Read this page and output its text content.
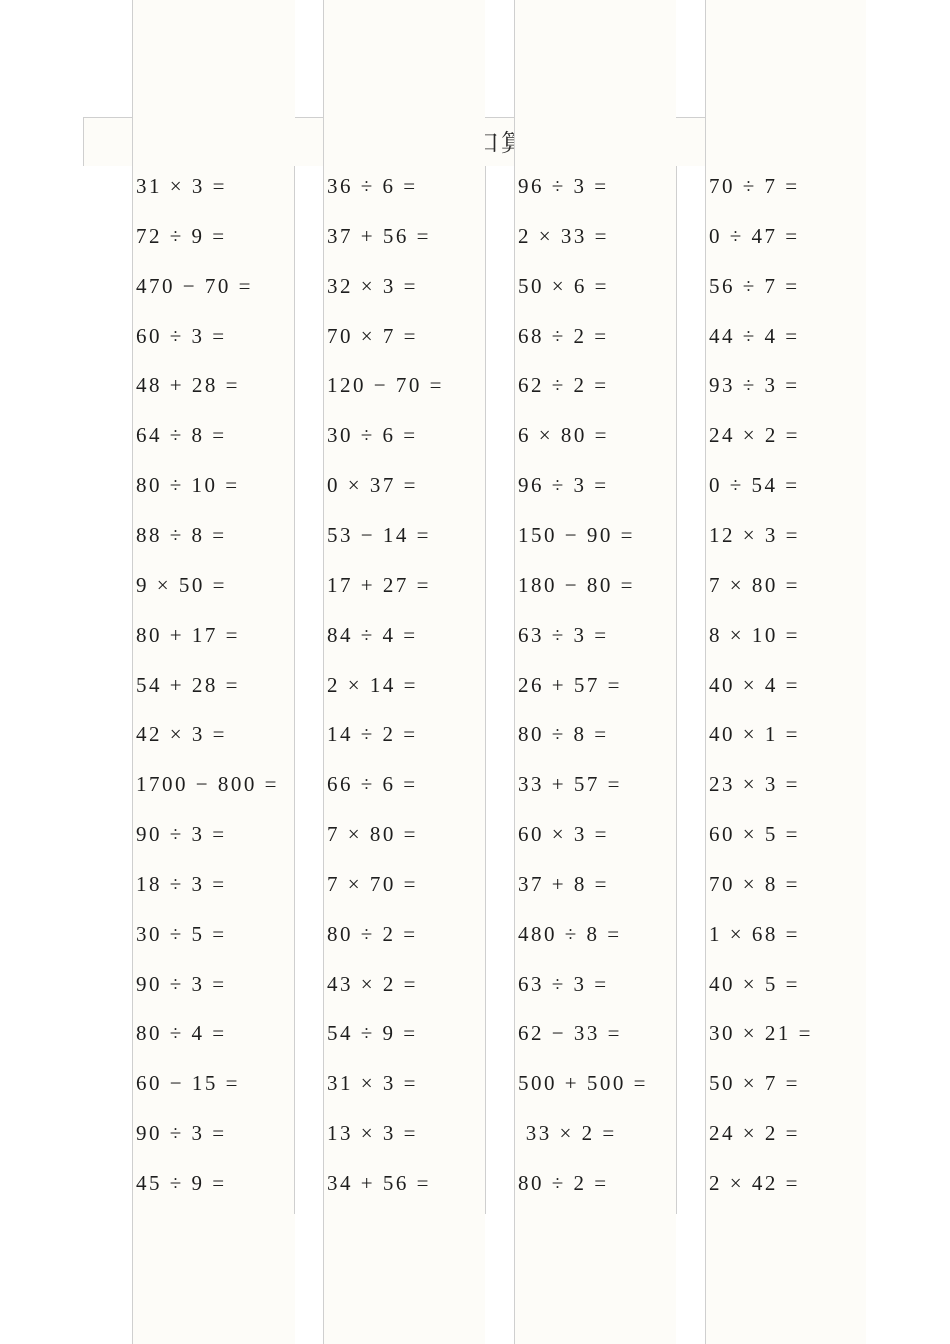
31 × 3 =
72 ÷ 9 =
470 − 70 =
60 ÷ 3 =
48 + 28 =
64 ÷ 8 =
80 ÷ 10 =
88 ÷ 8 =
9 × 50 =
80 + 17 =
54 + 28 =
42 × 3 =
1700 − 800 =
90 ÷ 3 =
18 ÷ 3 =
30 ÷ 5 =
90 ÷ 3 =
80 ÷ 4 =
60 − 15 =
90 ÷ 3 =
45 ÷ 9 =
36 ÷ 6 =
37 + 56 =
32 × 3 =
70 × 7 =
120 − 70 =
30 ÷ 6 =
0 × 37 =
53 − 14 =
17 + 27 =
84 ÷ 4 =
2 × 14 =
14 ÷ 2 =
66 ÷ 6 =
7 × 80 =
7 × 70 =
80 ÷ 2 =
43 × 2 =
54 ÷ 9 =
31 × 3 =
13 × 3 =
34 + 56 =
96 ÷ 3 =
2 × 33 =
50 × 6 =
68 ÷ 2 =
62 ÷ 2 =
6 × 80 =
96 ÷ 3 =
150 − 90 =
180 − 80 =
63 ÷ 3 =
26 + 57 =
80 ÷ 8 =
33 + 57 =
60 × 3 =
37 + 8 =
480 ÷ 8 =
63 ÷ 3 =
62 − 33 =
500 + 500 =
33 × 2 =
80 ÷ 2 =
70 ÷ 7 =
0 ÷ 47 =
56 ÷ 7 =
44 ÷ 4 =
93 ÷ 3 =
24 × 2 =
0 ÷ 54 =
12 × 3 =
7 × 80 =
8 × 10 =
40 × 4 =
40 × 1 =
23 × 3 =
60 × 5 =
70 × 8 =
1 × 68 =
40 × 5 =
30 × 21 =
50 × 7 =
24 × 2 =
2 × 42 =
